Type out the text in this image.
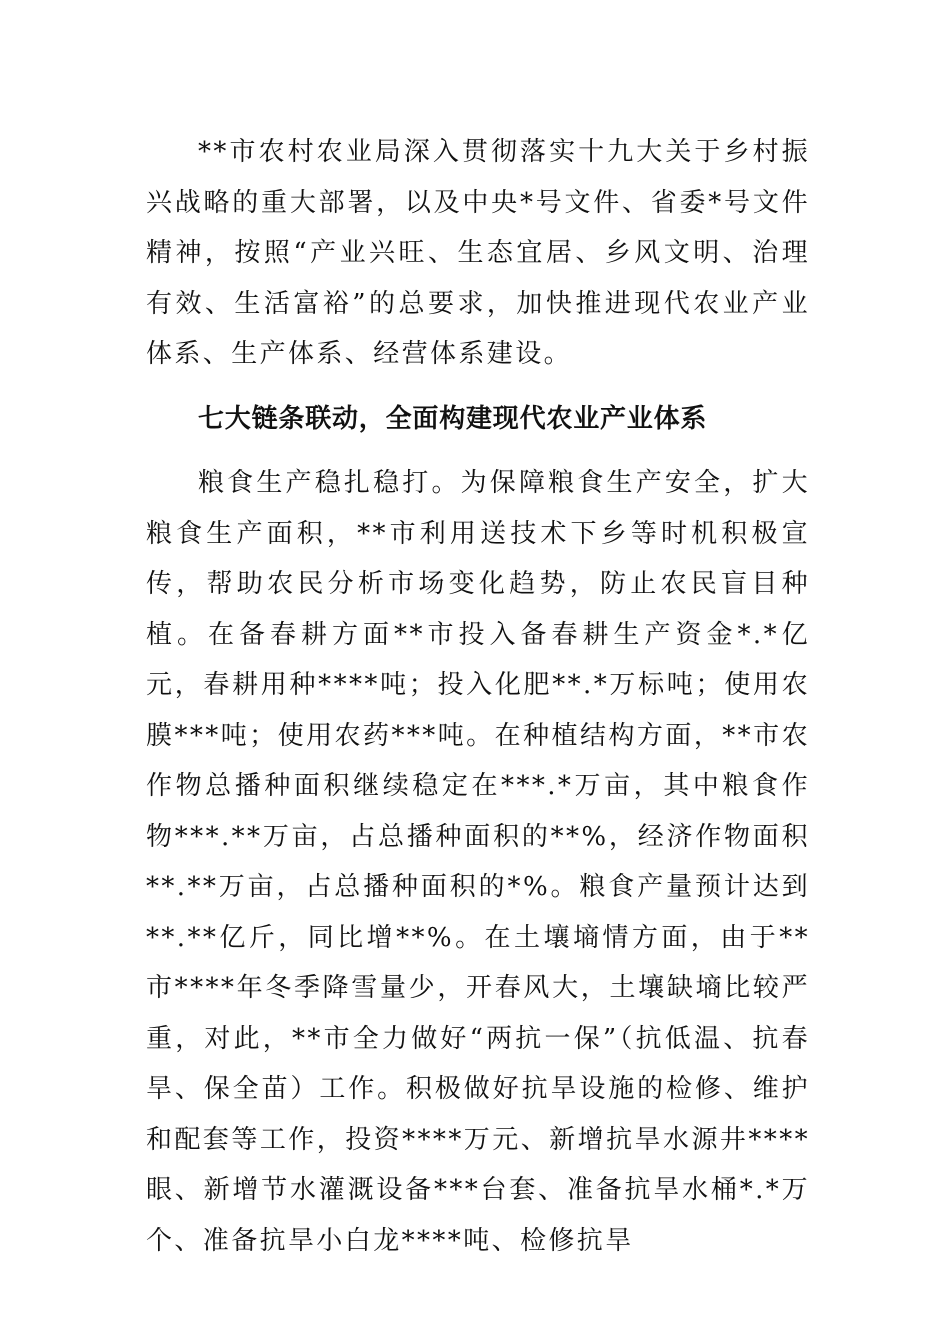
**市农村农业局深入贯彻落实十九大关于乡村振兴战略的重大部署，以及中央*号文件、省委*号文件精神，按照“产业兴旺、生态宜居、乡风文明、治理有效、生活富裕”的总要求，加快推进现代农业产业体系、生产体系、经营体系建设。

七大链条联动，全面构建现代农业产业体系

粮食生产稳扎稳打。为保障粮食生产安全，扩大粮食生产面积，**市利用送技术下乡等时机积极宣传，帮助农民分析市场变化趋势，防止农民盲目种植。在备春耕方面**市投入备春耕生产资金*.*亿元，春耕用种****吨；投入化肥**.*万标吨；使用农膜***吨；使用农药***吨。在种植结构方面，**市农作物总播种面积继续稳定在***.*万亩，其中粮食作物***.**万亩，占总播种面积的**%，经济作物面积**.**万亩，占总播种面积的*%。粮食产量预计达到**.**亿斤，同比增**%。在土壤墒情方面，由于**市****年冬季降雪量少，开春风大，土壤缺墒比较严重，对此，**市全力做好“两抗一保”（抗低温、抗春旱、保全苗）工作。积极做好抗旱设施的检修、维护和配套等工作，投资****万元、新增抗旱水源井****眼、新增节水灌溉设备***台套、准备抗旱水桶*.*万个、准备抗旱小白龙****吨、检修抗旱
